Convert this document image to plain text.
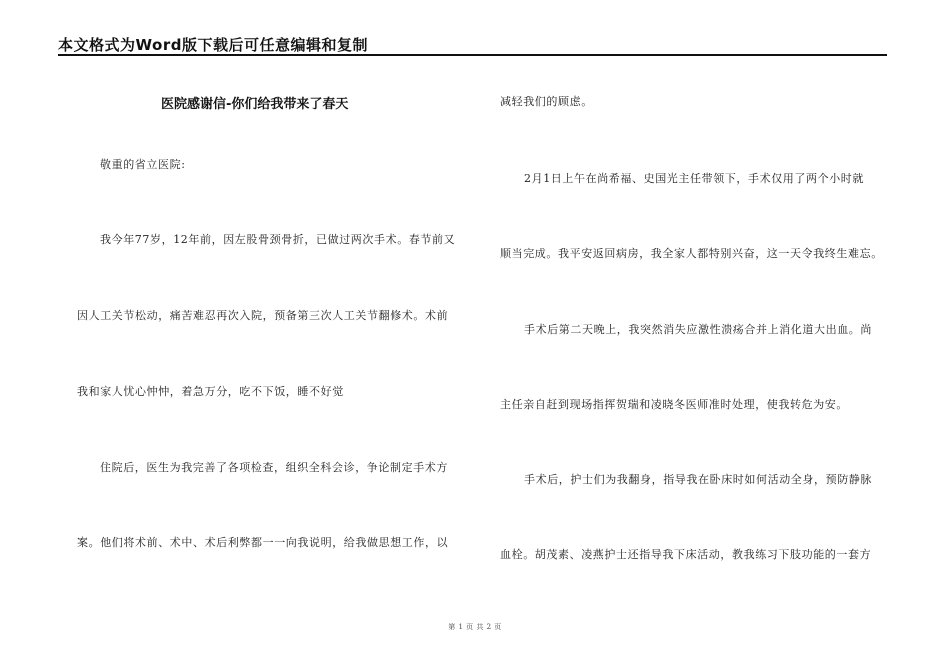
本文格式为Word版下载后可任意编辑和复制
医院感谢信-你们给我带来了春天
敬重的省立医院:
我今年77岁，12年前，因左股骨颈骨折，已做过两次手术。春节前又
因人工关节松动，痛苦难忍再次入院，预备第三次人工关节翻修术。术前
我和家人忧心忡忡，着急万分，吃不下饭，睡不好觉
住院后，医生为我完善了各项检查，组织全科会诊，争论制定手术方
案。他们将术前、术中、术后利弊都一一向我说明，给我做思想工作，以
减轻我们的顾虑。
2月1日上午在尚希福、史国光主任带领下，手术仅用了两个小时就
顺当完成。我平安返回病房，我全家人都特别兴奋，这一天令我终生难忘。
手术后第二天晚上，我突然消失应激性溃疡合并上消化道大出血。尚
主任亲自赶到现场指挥贺瑞和凌晓冬医师准时处理，使我转危为安。
手术后，护士们为我翻身，指导我在卧床时如何活动全身，预防静脉
血栓。胡茂素、凌燕护士还指导我下床活动，教我练习下肢功能的一套方
第 1 页 共 2 页
